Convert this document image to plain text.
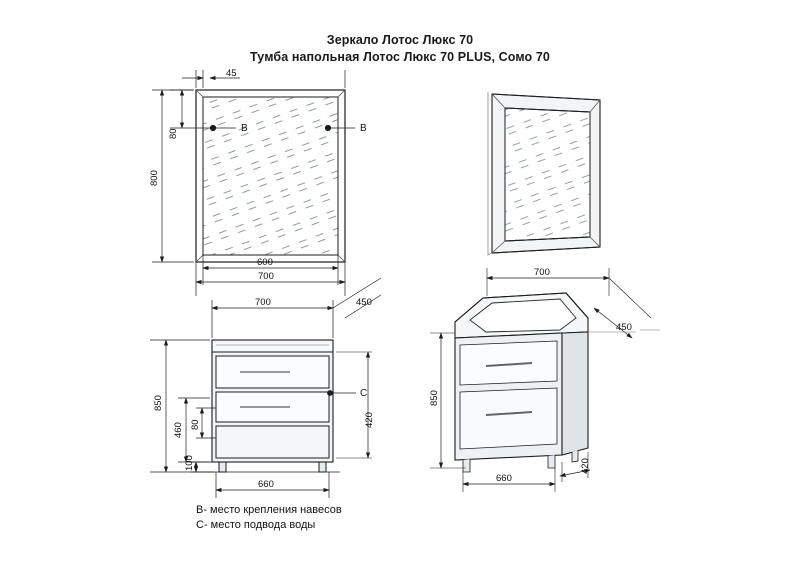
Зеркало Лотос Люкс 70
Тумба напольная Лотос Люкс 70 PLUS, Сомо 70
45
80
800
600
700
700	450
850
460 80
100
420
660
700
450
850
660
420
B	B
C
B- место крепления навесов
C- место подвода воды
